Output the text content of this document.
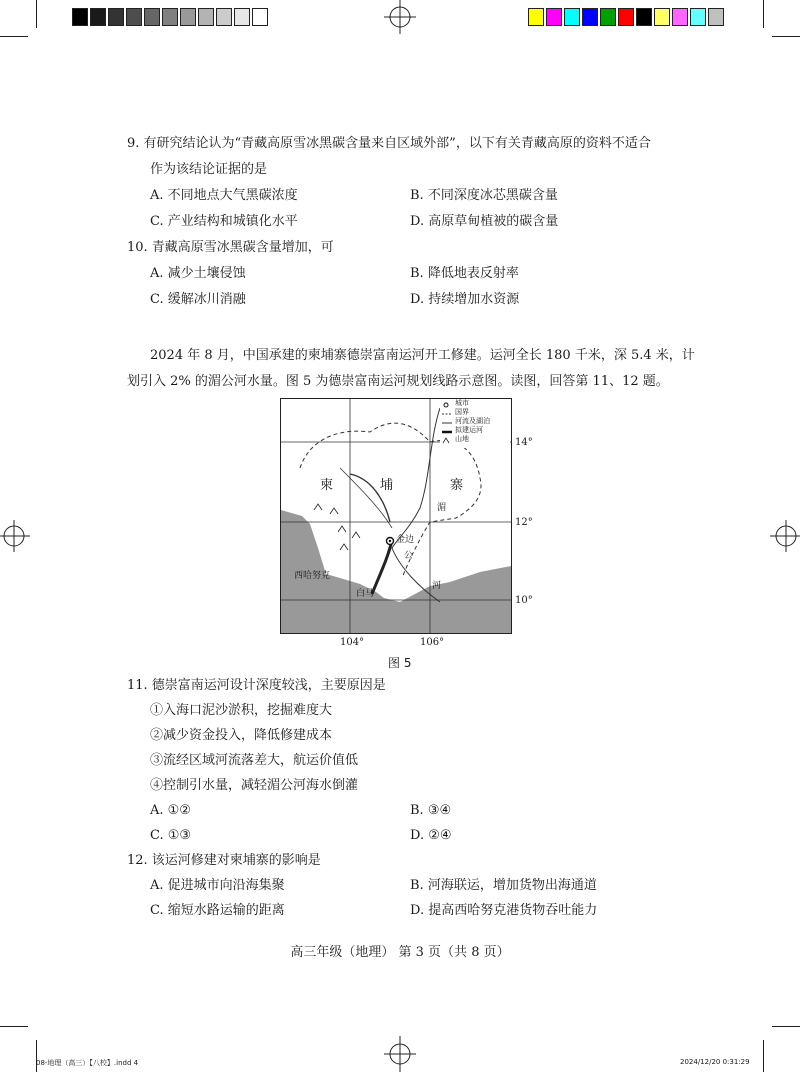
9. 有研究结论认为“青藏高原雪冰黑碳含量来自区域外部”，以下有关青藏高原的资料不适合
作为该结论证据的是
A. 不同地点大气黑碳浓度	B. 不同深度冰芯黑碳含量
C. 产业结构和城镇化水平	D. 高原草甸植被的碳含量
10. 青藏高原雪冰黑碳含量增加，可
A. 减少土壤侵蚀	B. 降低地表反射率
C. 缓解冰川消融	D. 持续增加水资源
2024 年 8 月，中国承建的柬埔寨德崇富南运河开工修建。运河全长 180 千米，深 5.4 米，计
划引入 2% 的湄公河水量。图 5 为德崇富南运河规划线路示意图。读图，回答第 11、12 题。
城市
国界
河流及湖泊
拟建运河
山地
柬	埔	寨
湄
金边
公
河
西哈努克
白马
14°
12°
10°
104°	106°
图 5
11. 德崇富南运河设计深度较浅，主要原因是
①入海口泥沙淤积，挖掘难度大
②减少资金投入，降低修建成本
③流经区域河流落差大，航运价值低
④控制引水量，减轻湄公河海水倒灌
A. ①②	B. ③④
C. ①③	D. ②④
12. 该运河修建对柬埔寨的影响是
A. 促进城市向沿海集聚	B. 河海联运，增加货物出海通道
C. 缩短水路运输的距离	D. 提高西哈努克港货物吞吐能力
高三年级（地理） 第 3 页（共 8 页）
08-地理（高三）【八校】.indd 4	2024/12/20 0:31:29
